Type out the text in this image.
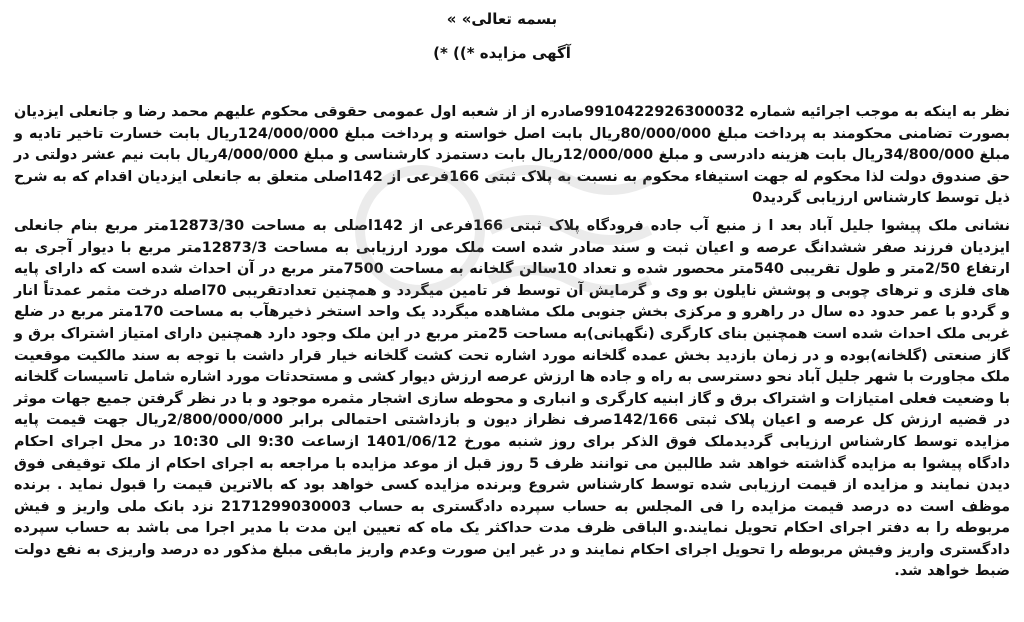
بسمه تعالی» »

آگهی مزایده *)) *)

نظر به اینکه به موجب اجرائیه شماره 9910422926300032صادره از از شعبه اول عمومی حقوقی محکوم علیهم محمد رضا و جانعلی ایزدیان بصورت تضامنی محکومند به پرداخت مبلغ 80/000/000ریال بابت اصل خواسته و پرداخت مبلغ 124/000/000ریال بابت خسارت تاخیر تادیه و مبلغ 34/800/000ریال بابت هزینه دادرسی و مبلغ 12/000/000ریال بابت دستمزد کارشناسی و مبلغ 4/000/000ریال بابت نیم عشر دولتی در حق صندوق دولت لذا محکوم له جهت استیفاء محکوم به نسبت به پلاک ثبتی 166فرعی از 142اصلی متعلق به جانعلی ایزدیان اقدام که به شرح ذیل توسط کارشناس ارزیابی گردید0

نشانی ملک پیشوا جلیل آباد بعد ا ز منبع آب جاده فرودگاه پلاک ثبتی 166فرعی از 142اصلی به مساحت 12873/30متر مربع بنام جانعلی ایزدیان فرزند صفر ششدانگ عرصه و اعیان ثبت و سند صادر شده است ملک مورد ارزیابی به مساحت 12873/3متر مربع با دیوار آجری به ارتفاع 2/50متر و طول تقریبی 540متر محصور شده و تعداد 10سالن گلخانه به مساحت 7500متر مربع در آن احداث شده است که دارای پایه های فلزی و ترهای چوبی و پوشش نایلون بو وی و گرمایش آن توسط فر تامین میگردد و همچنین تعدادتقریبی 70اصله درخت مثمر عمدتاً انار و گردو با عمر حدود ده سال در راهرو و مرکزی بخش جنوبی ملک مشاهده میگردد یک واحد استخر ذخیرهآب به مساحت 170متر مربع در ضلع غربی ملک احداث شده است همچنین بنای کارگری (نگهبانی)به مساحت 25متر مربع در این ملک وجود دارد همچنین دارای امتیاز اشتراک برق و گاز صنعتی (گلخانه)بوده و در زمان بازدید بخش عمده گلخانه مورد اشاره تحت کشت گلخانه خیار قرار داشت با توجه به سند مالکیت موقعیت ملک مجاورت با شهر جلیل آباد نحو دسترسی به راه و جاده ها ارزش عرصه ارزش دیوار کشی و مستحدثات مورد اشاره شامل تاسیسات گلخانه با وضعیت فعلی امتیازات و اشتراک برق و گاز ابنیه کارگری و انباری و محوطه سازی اشجار مثمره موجود و با در نظر گرفتن جمیع جهات موثر در قضیه ارزش کل عرصه و اعیان پلاک ثبتی 142/166صرف نظراز دیون و بازداشتی احتمالی برابر 2/800/000/000ریال جهت قیمت پایه مزایده توسط کارشناس ارزیابی گردیدملک فوق الذکر برای روز شنبه مورخ 1401/06/12 ازساعت 9:30 الی 10:30 در محل اجرای احکام دادگاه پیشوا به مزایده گذاشته خواهد شد طالبین می توانند ظرف 5 روز قبل از موعد مزایده با مراجعه به اجرای احکام از ملک توقیفی فوق دیدن نمایند و مزایده از قیمت ارزیابی شده توسط کارشناس شروع وبرنده مزایده کسی خواهد بود که بالاترین قیمت را قبول نماید . برنده موظف است ده درصد قیمت مزایده را فی المجلس به حساب سپرده دادگستری به حساب 2171299030003 نزد بانک ملی واریز و فیش مربوطه را به دفتر اجرای احکام تحویل نمایند.و الباقی ظرف مدت حداکثر یک ماه که تعیین این مدت با مدیر اجرا می باشد به حساب سپرده دادگستری واریز وفیش مربوطه را تحویل اجرای احکام نمایند و در غیر این صورت وعدم واریز مابقی مبلغ مذکور ده درصد واریزی به نفع دولت ضبط خواهد شد.
